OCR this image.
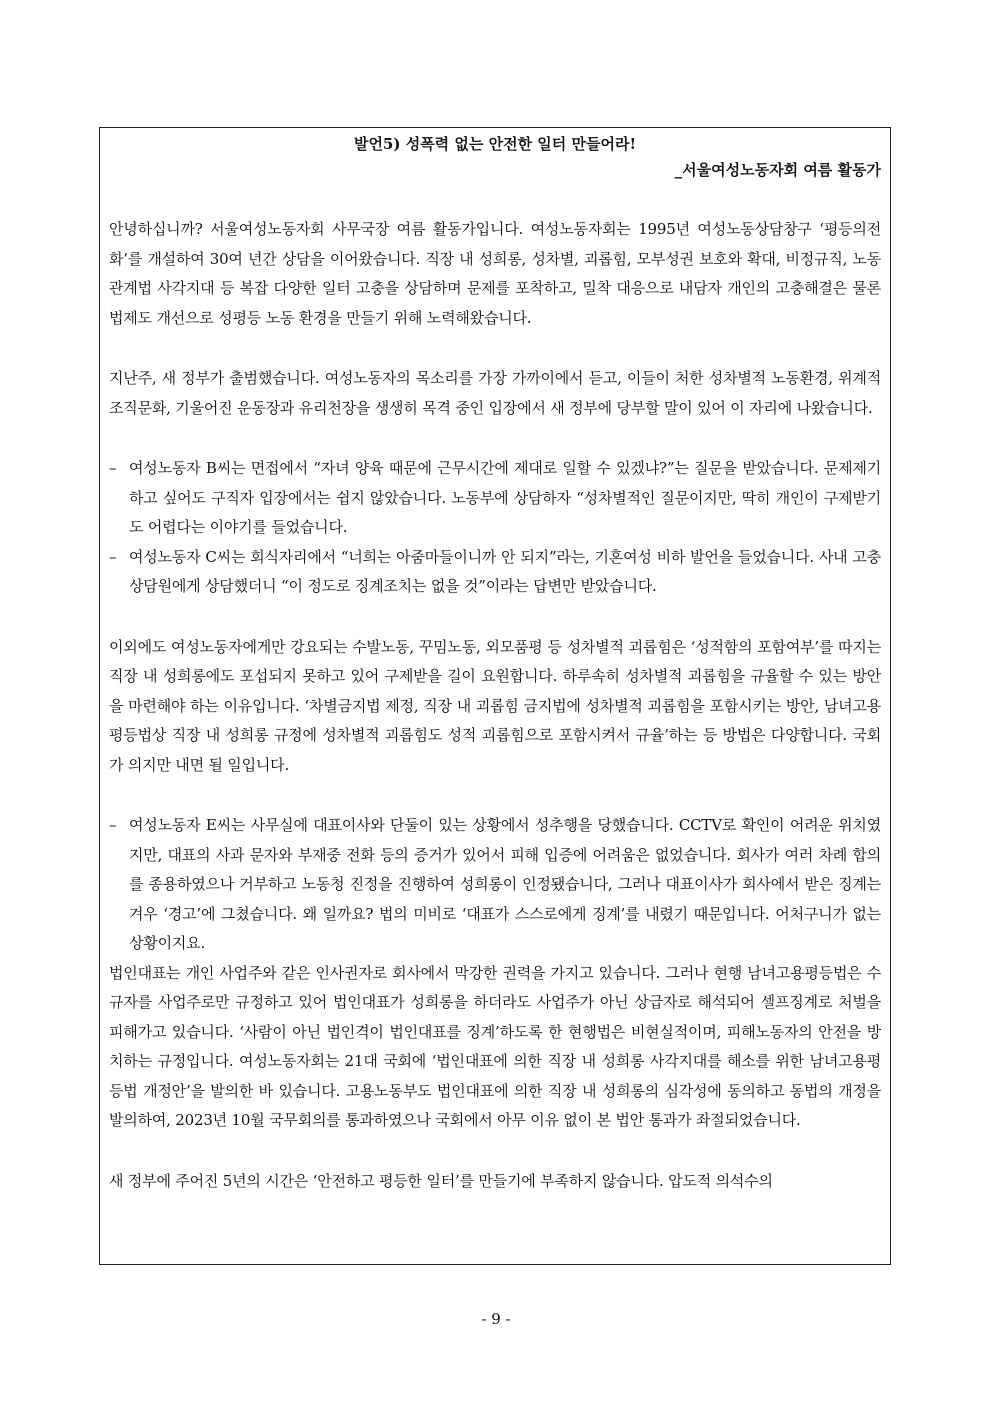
발언5) 성폭력 없는 안전한 일터 만들어라!
_서울여성노동자회 여름 활동가

안녕하십니까? 서울여성노동자회 사무국장 여름 활동가입니다. 여성노동자회는 1995년 여성노동상담창구 ‘평등의전화’를 개설하여 30여 년간 상담을 이어왔습니다. 직장 내 성희롱, 성차별, 괴롭힘, 모부성권 보호와 확대, 비정규직, 노동관계법 사각지대 등 복잡 다양한 일터 고충을 상담하며 문제를 포착하고, 밀착 대응으로 내담자 개인의 고충해결은 물론 법제도 개선으로 성평등 노동 환경을 만들기 위해 노력해왔습니다.

지난주, 새 정부가 출범했습니다. 여성노동자의 목소리를 가장 가까이에서 듣고, 이들이 처한 성차별적 노동환경, 위계적 조직문화, 기울어진 운동장과 유리천장을 생생히 목격 중인 입장에서 새 정부에 당부할 말이 있어 이 자리에 나왔습니다.

– 여성노동자 B씨는 면접에서 “자녀 양육 때문에 근무시간에 제대로 일할 수 있겠냐?”는 질문을 받았습니다. 문제제기 하고 싶어도 구직자 입장에서는 쉽지 않았습니다. 노동부에 상담하자 “성차별적인 질문이지만, 딱히 개인이 구제받기도 어렵다는 이야기를 들었습니다.
– 여성노동자 C씨는 회식자리에서 “너희는 아줌마들이니까 안 되지”라는, 기혼여성 비하 발언을 들었습니다. 사내 고충상담원에게 상담했더니 “이 정도로 징계조치는 없을 것”이라는 답변만 받았습니다.

이외에도 여성노동자에게만 강요되는 수발노동, 꾸밈노동, 외모품평 등 성차별적 괴롭힘은 ‘성적함의 포함여부’를 따지는 직장 내 성희롱에도 포섭되지 못하고 있어 구제받을 길이 요원합니다. 하루속히 성차별적 괴롭힘을 규율할 수 있는 방안을 마련해야 하는 이유입니다. ‘차별금지법 제정, 직장 내 괴롭힘 금지법에 성차별적 괴롭힘을 포함시키는 방안, 남녀고용평등법상 직장 내 성희롱 규정에 성차별적 괴롭힘도 성적 괴롭힘으로 포함시켜서 규율’하는 등 방법은 다양합니다. 국회가 의지만 내면 될 일입니다.

– 여성노동자 E씨는 사무실에 대표이사와 단둘이 있는 상황에서 성추행을 당했습니다. CCTV로 확인이 어려운 위치였지만, 대표의 사과 문자와 부재중 전화 등의 증거가 있어서 피해 입증에 어려움은 없었습니다. 회사가 여러 차례 합의를 종용하였으나 거부하고 노동청 진정을 진행하여 성희롱이 인정됐습니다, 그러나 대표이사가 회사에서 받은 징계는 겨우 ‘경고’에 그쳤습니다. 왜 일까요? 법의 미비로 ‘대표가 스스로에게 징계’를 내렸기 때문입니다. 어처구니가 없는 상황이지요.

법인대표는 개인 사업주와 같은 인사권자로 회사에서 막강한 권력을 가지고 있습니다. 그러나 현행 남녀고용평등법은 수규자를 사업주로만 규정하고 있어 법인대표가 성희롱을 하더라도 사업주가 아닌 상급자로 해석되어 셀프징계로 처벌을 피해가고 있습니다. ‘사람이 아닌 법인격이 법인대표를 징계’하도록 한 현행법은 비현실적이며, 피해노동자의 안전을 방치하는 규정입니다. 여성노동자회는 21대 국회에 ‘법인대표에 의한 직장 내 성희롱 사각지대를 해소를 위한 남녀고용평등법 개정안’을 발의한 바 있습니다. 고용노동부도 법인대표에 의한 직장 내 성희롱의 심각성에 동의하고 동법의 개정을 발의하여, 2023년 10월 국무회의를 통과하였으나 국회에서 아무 이유 없이 본 법안 통과가 좌절되었습니다.

새 정부에 주어진 5년의 시간은 ‘안전하고 평등한 일터’를 만들기에 부족하지 않습니다. 압도적 의석수의

- 9 -
